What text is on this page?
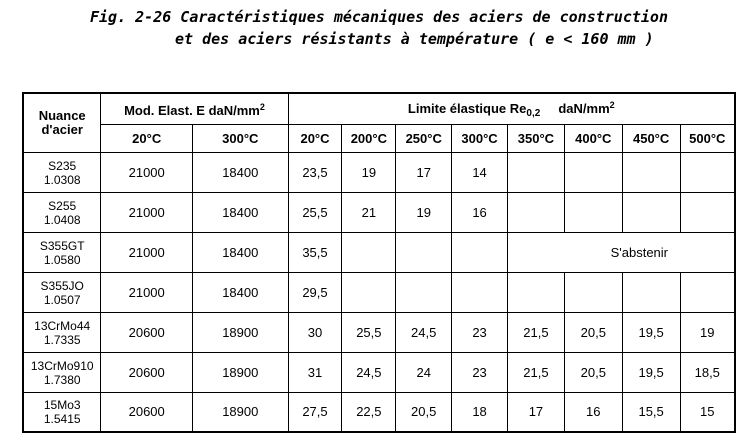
Fig. 2-26 Caractéristiques mécaniques des aciers de construction
et des aciers résistants à température ( e < 160 mm )
Nuance
d'acier	Mod. Elast. E daN/$mm^2$		Limite élastique $Re_{0,2}$ daN/$mm^2$
	20°C	300°C	20°C	200°C	250°C	300°C	350°C	400°C	450°C	500°C
S235
1.0308	21000	18400	23,5	19	17	14				
S255
1.0408	21000	18400	25,5	21	19	16				
S355GT
1.0580	21000	18400	35,5				S'abstenir			
S355JO
1.0507	21000	18400	29,5							
13CrMo44
1.7335	20600	18900	30	25,5	24,5	23	21,5	20,5	19,5	19
13CrMo910
1.7380	20600	18900	31	24,5	24	23	21,5	20,5	19,5	18,5
15Mo3
1.5415	20600	18900	27,5	22,5	20,5	18	17	16	15,5	15
